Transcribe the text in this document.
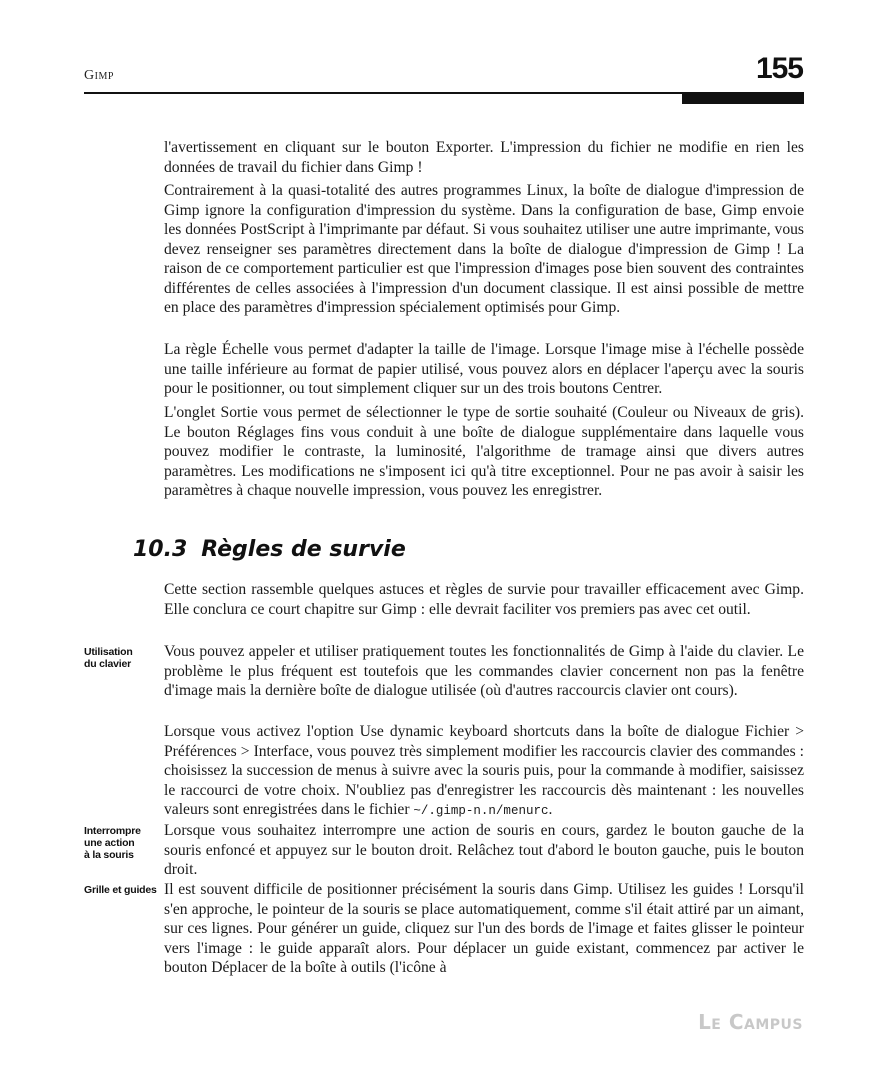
Gimp	155

l'avertissement en cliquant sur le bouton Exporter. L'impression du fichier ne modifie en rien les données de travail du fichier dans Gimp !

Contrairement à la quasi-totalité des autres programmes Linux, la boîte de dialogue d'impression de Gimp ignore la configuration d'impression du système. Dans la configuration de base, Gimp envoie les données PostScript à l'imprimante par défaut. Si vous souhaitez utiliser une autre imprimante, vous devez renseigner ses paramètres directement dans la boîte de dialogue d'impression de Gimp ! La raison de ce comportement particulier est que l'impression d'images pose bien souvent des contraintes différentes de celles associées à l'impression d'un document classique. Il est ainsi possible de mettre en place des paramètres d'impression spécialement optimisés pour Gimp.

La règle Échelle vous permet d'adapter la taille de l'image. Lorsque l'image mise à l'échelle possède une taille inférieure au format de papier utilisé, vous pouvez alors en déplacer l'aperçu avec la souris pour le positionner, ou tout simplement cliquer sur un des trois boutons Centrer.

L'onglet Sortie vous permet de sélectionner le type de sortie souhaité (Couleur ou Niveaux de gris). Le bouton Réglages fins vous conduit à une boîte de dialogue supplémentaire dans laquelle vous pouvez modifier le contraste, la luminosité, l'algorithme de tramage ainsi que divers autres paramètres. Les modifications ne s'imposent ici qu'à titre exceptionnel. Pour ne pas avoir à saisir les paramètres à chaque nouvelle impression, vous pouvez les enregistrer.

10.3 Règles de survie

Cette section rassemble quelques astuces et règles de survie pour travailler efficacement avec Gimp. Elle conclura ce court chapitre sur Gimp : elle devrait faciliter vos premiers pas avec cet outil.

Utilisation
du clavier

Vous pouvez appeler et utiliser pratiquement toutes les fonctionnalités de Gimp à l'aide du clavier. Le problème le plus fréquent est toutefois que les commandes clavier concernent non pas la fenêtre d'image mais la dernière boîte de dialogue utilisée (où d'autres raccourcis clavier ont cours).

Lorsque vous activez l'option Use dynamic keyboard shortcuts dans la boîte de dialogue Fichier > Préférences > Interface, vous pouvez très simplement modifier les raccourcis clavier des commandes : choisissez la succession de menus à suivre avec la souris puis, pour la commande à modifier, saisissez le raccourci de votre choix. N'oubliez pas d'enregistrer les raccourcis dès maintenant : les nouvelles valeurs sont enregistrées dans le fichier ~/.gimp-n.n/menurc.

Interrompre
une action
à la souris

Lorsque vous souhaitez interrompre une action de souris en cours, gardez le bouton gauche de la souris enfoncé et appuyez sur le bouton droit. Relâchez tout d'abord le bouton gauche, puis le bouton droit.

Grille et guides Il est souvent difficile de positionner précisément la souris dans Gimp. Utilisez les guides ! Lorsqu'il s'en approche, le pointeur de la souris se place automatiquement, comme s'il était attiré par un aimant, sur ces lignes. Pour générer un guide, cliquez sur l'un des bords de l'image et faites glisser le pointeur vers l'image : le guide apparaît alors. Pour déplacer un guide existant, commencez par activer le bouton Déplacer de la boîte à outils (l'icône à

Le Campus
